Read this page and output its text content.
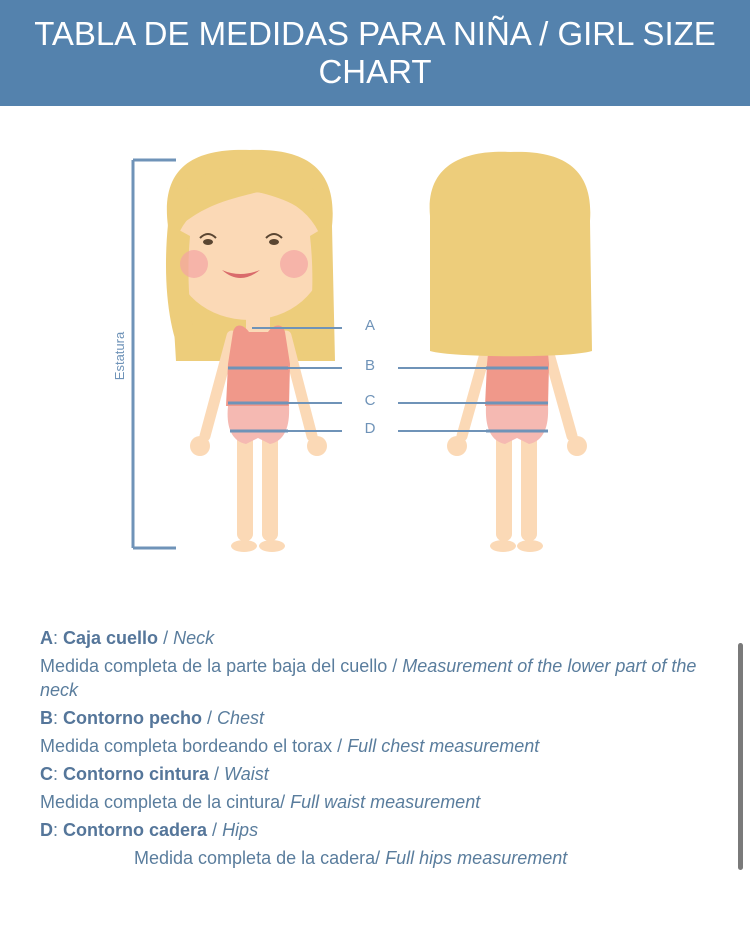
TABLA DE MEDIDAS PARA NIÑA / GIRL SIZE CHART
Estatura
A
B
C
D
A: Caja cuello / Neck
Medida completa de la parte baja del cuello / Measurement of the lower part of the neck
B: Contorno pecho / Chest
Medida completa bordeando el torax / Full chest measurement
C: Contorno cintura / Waist
Medida completa de la cintura/ Full waist measurement
D: Contorno cadera / Hips
Medida completa de la cadera/ Full hips measurement
